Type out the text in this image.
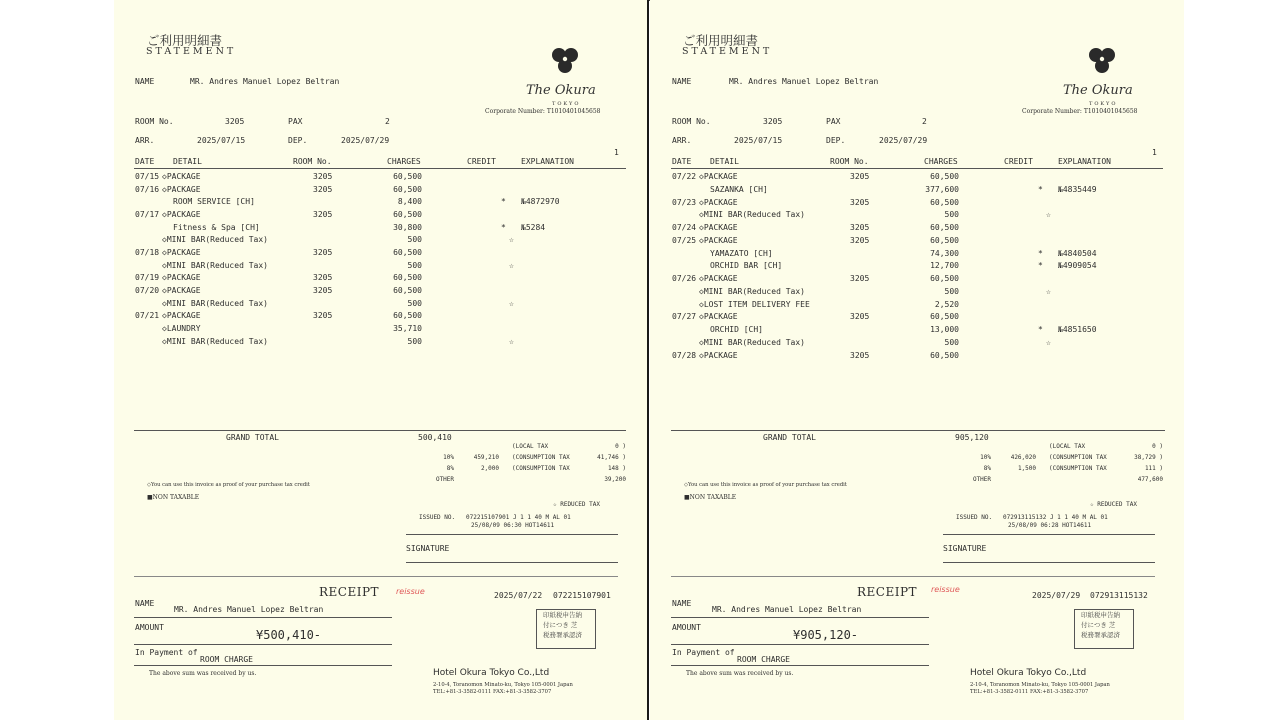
ご利用明細書
STATEMENT
The Okura
TOKYO
Corporate Number: T1010401045658
NAME	MR. Andres Manuel Lopez Beltran
ROOM No.	3205	PAX	2
ARR.	2025/07/15	DEP.	2025/07/29
1
DATE DETAIL	ROOM No.	CHARGES	CREDIT	EXPLANATION
GRAND TOTAL	500,410
◇You can use this invoice as proof of your purchase tax credit
■NON TAXABLE
☆ REDUCED TAX
ISSUED NO. 072215107901 J 1 1 40 M AL 01
25/08/09 06:30 HOT14611
SIGNATURE
RECEIPT reissue	2025/07/22 072215107901
NAME
MR. Andres Manuel Lopez Beltran
AMOUNT
¥500,410-
In Payment of
ROOM CHARGE
The above sum was received by us.
印紙税申告納
付につき 芝
税務署承認済
Hotel Okura Tokyo Co.,Ltd
2-10-4, Toranomon Minato-ku, Tokyo 105-0001 Japan
TEL:+81-3-3582-0111 FAX:+81-3-3582-3707
07/15 ◇PACKAGE	3205	60,500
07/16 ◇PACKAGE	3205	60,500
ROOM SERVICE [CH]	8,400	* №4872970
07/17 ◇PACKAGE	3205	60,500
Fitness & Spa [CH]	30,800	* №5284
◇MINI BAR(Reduced Tax)	500	☆
07/18 ◇PACKAGE	3205	60,500
◇MINI BAR(Reduced Tax)	500	☆
07/19 ◇PACKAGE	3205	60,500
07/20 ◇PACKAGE	3205	60,500
◇MINI BAR(Reduced Tax)	500	☆
07/21 ◇PACKAGE	3205	60,500
◇LAUNDRY	35,710
◇MINI BAR(Reduced Tax)	500	☆
(LOCAL TAX	0 )
10%	459,210 (CONSUMPTION TAX	41,746 )
8%	2,000 (CONSUMPTION TAX	148 )
OTHER	39,200
ご利用明細書
STATEMENT
The Okura
TOKYO
Corporate Number: T1010401045658
NAME	MR. Andres Manuel Lopez Beltran
ROOM No.	3205	PAX	2
ARR.	2025/07/15	DEP.	2025/07/29
1
DATE DETAIL	ROOM No.	CHARGES	CREDIT	EXPLANATION
GRAND TOTAL	905,120
◇You can use this invoice as proof of your purchase tax credit
■NON TAXABLE
☆ REDUCED TAX
ISSUED NO. 072913115132 J 1 1 40 M AL 01
25/08/09 06:28 HOT14611
SIGNATURE
RECEIPT reissue
2025/07/29 072913115132
NAME
MR. Andres Manuel Lopez Beltran
AMOUNT
¥905,120-
In Payment of
ROOM CHARGE
The above sum was received by us.
印紙税申告納
付につき 芝
税務署承認済
Hotel Okura Tokyo Co.,Ltd
2-10-4, Toranomon Minato-ku, Tokyo 105-0001 Japan
TEL:+81-3-3582-0111 FAX:+81-3-3582-3707
07/22 ◇PACKAGE	3205	60,500
SAZANKA [CH]	377,600	* №4835449
07/23 ◇PACKAGE	3205	60,500
◇MINI BAR(Reduced Tax)	500	☆
07/24 ◇PACKAGE	3205	60,500
07/25 ◇PACKAGE	3205	60,500
YAMAZATO [CH]	74,300	* №4840504
ORCHID BAR [CH]	12,700	* №4909054
07/26 ◇PACKAGE	3205	60,500
◇MINI BAR(Reduced Tax)	500	☆
◇LOST ITEM DELIVERY FEE	2,520
07/27 ◇PACKAGE	3205	60,500
ORCHID [CH]	13,000	* №4851650
◇MINI BAR(Reduced Tax)	500	☆
07/28 ◇PACKAGE	3205	60,500
(LOCAL TAX	0 )
10%	426,020 (CONSUMPTION TAX	38,729 )
8%	1,500 (CONSUMPTION TAX	111 )
OTHER	477,600
